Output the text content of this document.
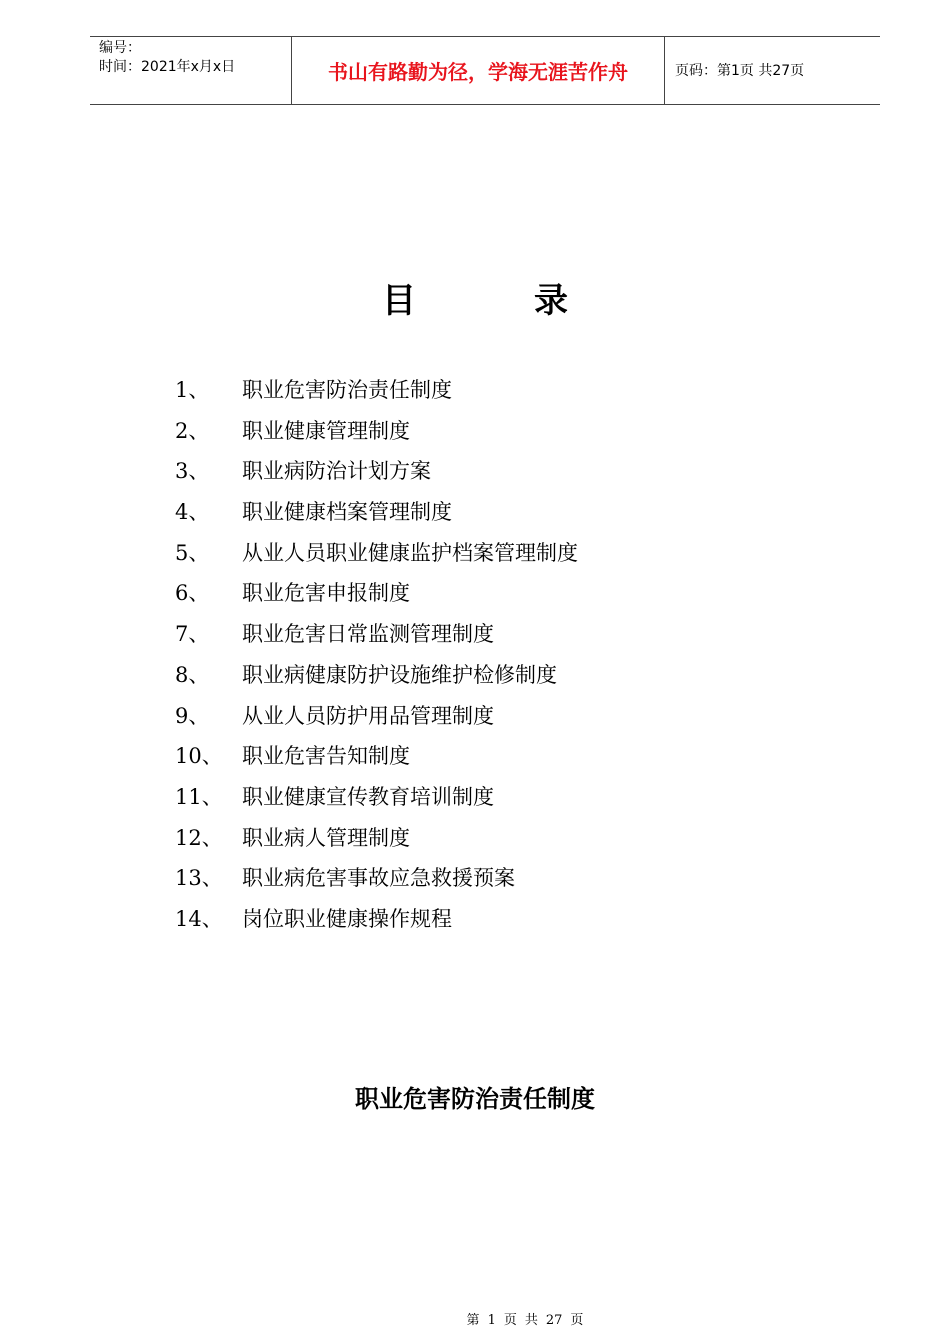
编号：
时间：2021年x月x日	书山有路勤为径，学海无涯苦作舟	页码：第1页 共27页
目录
1、 职业危害防治责任制度
2、 职业健康管理制度
3、 职业病防治计划方案
4、 职业健康档案管理制度
5、 从业人员职业健康监护档案管理制度
6、 职业危害申报制度
7、 职业危害日常监测管理制度
8、 职业病健康防护设施维护检修制度
9、 从业人员防护用品管理制度
10、 职业危害告知制度
11、 职业健康宣传教育培训制度
12、 职业病人管理制度
13、 职业病危害事故应急救援预案
14、 岗位职业健康操作规程
职业危害防治责任制度
第 1 页 共 27 页
